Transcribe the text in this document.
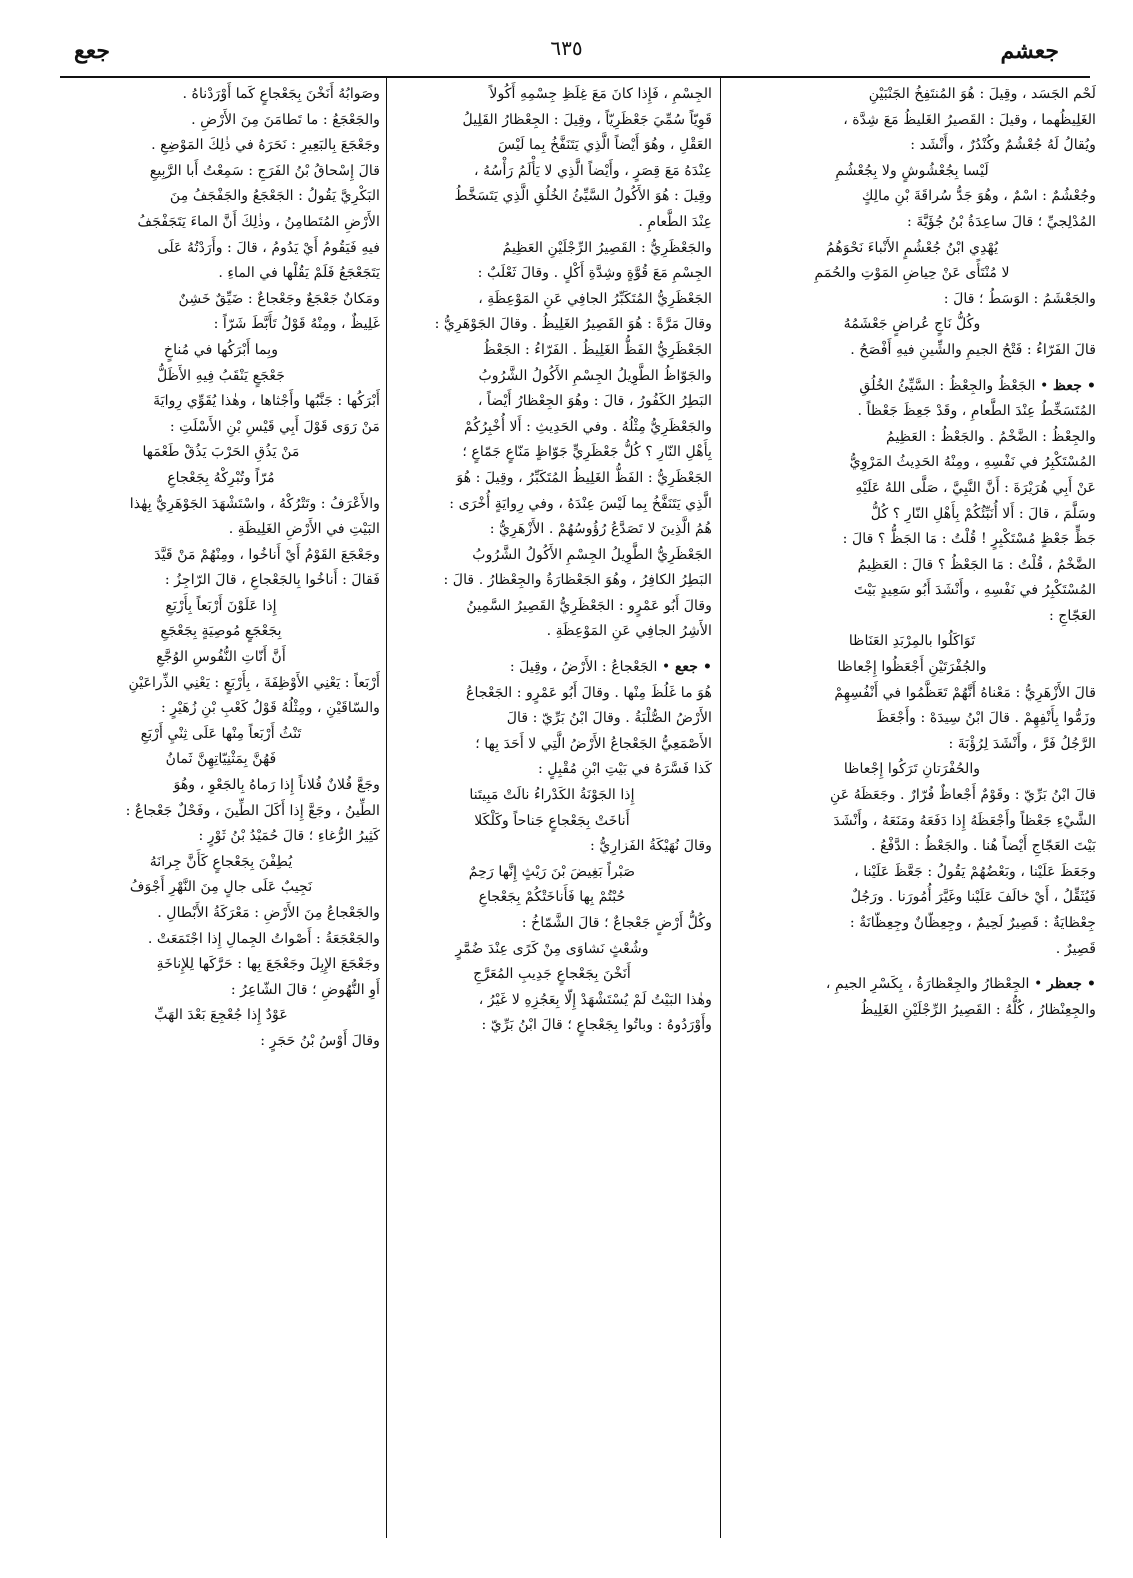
جعشم
٦٣٥
جعع

لَحْم الجَسَد ، وقِيلَ : هُوَ المُنتَفِخُ الجَنْبَيْنِ

الغَلِيظُهما ، وقيلَ : القَصيرُ الغَليظُ مَعَ شِدَّة ،

ويُقالُ لَهُ جُعْشُمٌ وكُنْدُرٌ ، وأَنْشَد :

لَيْسا بِجُعْشُوشٍ ولا بِجُعْشُمِ

وجُعْشُمٌ : اسْمٌ ، وهُوَ جَدُّ سُراقَةَ بْنِ مالِكٍ

المُدْلِجيِّ ؛ قالَ ساعِدَةُ بْنُ جُؤَيَّةَ :

يُهْدِي ابْنُ جُعْشُمٍ الأَنْباءَ نَحْوَهُمُ

لا مُنْتَأًى عَنْ حِياضِ المَوْتِ والحُمَمِ

والجَعْشَمُ : الوَسَطُ ؛ قالَ :

وكُلُّ نَاجٍ عُراضٍ جَعْشَمُهُ

قالَ الفَرّاءُ : فَتْحُ الجيمِ والشِّينِ فيهِ أَفْصَحُ .

• جعظ • الجَعْظُ والجِعْظُ : السَّيِّئُ الخُلُقِ

المُتَسَخِّطُ عِنْدَ الطَّعامِ ، وقَدْ جَعِظَ جَعْظاً .

والجِعْظُ : الضَّخْمُ . والجَعْظُ : العَظِيمُ

المُسْتَكْبِرُ في نَفْسِهِ ، ومِنْهُ الحَدِيثُ المَرْوِيُّ

عَنْ أَبِي هُرَيْرَةَ : أَنَّ النَّبِيَّ ، صَلَّى اللهُ عَلَيْهِ

وسَلَّمَ ، قالَ : أَلا أُنَبِّئُكُمْ بِأَهْلِ النّارِ ؟ كُلُّ

جَظٍّ جَعْظٍ مُسْتَكْبِرٍ ! قُلْتُ : مَا الجَظُّ ؟ قالَ :

الضَّخْمُ ، قُلْتُ : مَا الجَعْظُ ؟ قالَ : العَظِيمُ

المُسْتَكْبِرُ في نَفْسِهِ ، وأَنْشَدَ أَبُو سَعِيدٍ بَيْتَ

العَجّاجِ :

تَوَاكَلُوا بالمِرْبَدِ العَنَاظا

والجُفْرَتَيْنِ أَجْعَظُوا إِجْعاظا

قالَ الأَزْهَرِيُّ : مَعْناهُ أَنَّهُمْ تَعَظَّمُوا في أَنْفُسِهِمْ

وزَمُّوا بِأَنْفِهِمْ . قالَ ابْنُ سِيدَهْ : وأَجْعَظَ

الرَّجُلُ فَرَّ ، وأَنْشَدَ لِرُؤْبَةَ :

والحُفْرَتانِ تَرَكُوا إِجْعاظا

قالَ ابْنُ بَرِّيّ : وقَوْمٌ أَجْعاظٌ فُرّارٌ . وجَعَظَهُ عَنِ

الشَّيْءِ جَعْظاً وأَجْعَظَهُ إِذا دَفَعَهُ ومَنَعَهُ ، وأَنْشَدَ

بَيْتَ العَجّاجِ أَيْضاً هُنا . والجَعْظُ : الدَّفْعُ .

وجَعَظَ عَلَيْنا ، وبَعْضُهُمْ يَقُولُ : جَعَّظَ عَلَيْنا ،

فَيُثَقِّلُ ، أَيْ خالَفَ عَلَيْنا وغَيَّرَ أُمُورَنا . ورَجُلٌ

جِعْظايَةٌ : قَصِيرٌ لَحِيمٌ ، وجِعِظّانٌ وجِعِظّانَةٌ :

قَصِيرٌ .

• جعظر • الجِعْظارُ والجِعْظارَةُ ، بِكَسْرِ الجيمِ ،

والجِعِنْظارُ ، كُلُّهُ : القَصِيرُ الرِّجْلَيْنِ الغَلِيظُ

الجِسْمِ ، فَإِذا كانَ مَعَ غِلَظِ جِسْمِهِ أَكُولاً

قَوِيّاً سُمِّيَ جَعْظَرِيّاً ، وقِيلَ : الجِعْظارُ القَلِيلُ

العَقْلِ ، وهُوَ أَيْضاً الَّذِي يَتَنَفَّخُ بِما لَيْسَ

عِنْدَهُ مَعَ قِصَرٍ ، وأَيْضاً الَّذِي لا يَأْلَمُ رَأْسُهُ ،

وقِيلَ : هُوَ الأَكُولُ السَّيِّئُ الخُلُقِ الَّذِي يَتَسَخَّطُ

عِنْدَ الطَّعامِ .

والجَعْظَرِيُّ : القَصِيرُ الرِّجْلَيْنِ العَظِيمُ

الجِسْمِ مَعَ قُوَّةٍ وشِدَّةِ أَكْلٍ . وقالَ ثَعْلَبٌ :

الجَعْظَرِيُّ المُتَكَبِّرُ الجافِي عَنِ المَوْعِظَةِ ،

وقالَ مَرَّةً : هُوَ القَصِيرُ الغَلِيظُ . وقالَ الجَوْهَرِيُّ :

الجَعْظَرِيُّ الفَظُّ الغَلِيظُ . الفَرّاءُ : الجَعْظُ

والجَوّاظُ الطَّوِيلُ الجِسْمِ الأَكُولُ الشَّرُوبُ

البَطِرُ الكَفُورُ ، قالَ : وهُوَ الجِعْظارُ أَيْضاً ،

والجَعْظَرِيُّ مِثْلُهُ . وفي الحَدِيثِ : أَلا أُخْبِرُكُمْ

بِأَهْلِ النّارِ ؟ كُلُّ جَعْظَرِيٍّ جَوّاظٍ مَنّاعٍ جَمّاعٍ ؛

الجَعْظَرِيُّ : الفَظُّ الغَلِيظُ المُتَكَبِّرُ ، وقِيلَ : هُوَ

الَّذِي يَتَنَفَّخُ بِما لَيْسَ عِنْدَهُ ، وفي رِوايَةٍ أُخْرَى :

هُمُ الَّذِينَ لا تَصَدَّعُ رُؤُوسُهُمْ . الأَزْهَرِيُّ :

الجَعْظَرِيُّ الطَّوِيلُ الجِسْمِ الأَكُولُ الشَّرُوبُ

البَطِرُ الكافِرُ ، وهُوَ الجَعْظارَةُ والجِعْظارُ . قالَ :

وقالَ أَبُو عَمْرٍو : الجَعْظَرِيُّ القَصِيرُ السَّمِينُ

الأَشِرُ الجافِي عَنِ المَوْعِظَةِ .

• جعع • الجَعْجاعُ : الأَرْضُ ، وقِيلَ :

هُوَ ما غَلُظَ مِنْها . وقالَ أَبُو عَمْرٍو : الجَعْجاعُ

الأَرْضُ الصُّلْبَةُ . وقالَ ابْنُ بَرِّيّ : قالَ

الأَصْمَعِيُّ الجَعْجاعُ الأَرْضُ الَّتِي لا أَحَدَ بِها ؛

كَذا فَسَّرَهُ في بَيْتِ ابْنِ مُقْبِلٍ :

إِذا الجَوْنَةُ الكَدْراءُ نالَتْ مَبِيتَنا

أَناخَتْ بِجَعْجاعٍ جَناحاً وكَلْكَلا

وقالَ نُهَيْكَةُ الفَزارِيُّ :

صَبْراً بَغِيضَ بْنَ رَيْثٍ إِنَّها رَحِمٌ

حُبْتُمْ بِها فَأَناخَتْكُمْ بِجَعْجاعِ

وكُلُّ أَرْضٍ جَعْجاعٌ ؛ قالَ الشَّمّاخُ :

وشُعْثٍ نَشاوَى مِنْ كَرًى عِنْدَ ضُمَّرٍ

أَنَخْنَ بِجَعْجاعٍ جَدِيبِ المُعَرَّجِ

وهٰذا البَيْتُ لَمْ يُسْتَشْهَدْ إِلّا بِعَجُزِهِ لا غَيْرُ ،

وأَوْرَدُوهُ : وباتُوا بِجَعْجاعٍ ؛ قالَ ابْنُ بَرِّيّ :

وصَوابُهُ أَنَخْنَ بِجَعْجاعٍ كَما أَوْرَدْناهُ .

والجَعْجَعُ : ما تَطامَنَ مِنَ الأَرْضِ .

وجَعْجَعَ بِالبَعِيرِ : نَحَرَهُ في ذٰلِكَ المَوْضِعِ .

قالَ إِسْحاقُ بْنُ الفَرَجِ : سَمِعْتُ أَبا الرَّبِيعِ

البَكْرِيَّ يَقُولُ : الجَعْجَعُ والجَفْجَفُ مِنَ

الأَرْضِ المُتَطامِنُ ، وذٰلِكَ أَنَّ الماءَ يَتَجَفْجَفُ

فيهِ فَيَقُومُ أَيْ يَدُومُ ، قالَ : وأَرَدْتُهُ عَلَى

يَتَجَعْجَعُ فَلَمْ يَقُلْها في الماءِ .

ومَكانٌ جَعْجَعٌ وجَعْجاعٌ : ضَيِّقٌ خَشِنٌ

غَلِيظٌ ، ومِنْهُ قَوْلُ تَأَبَّطَ شَرّاً :

وبِما أَبْرَكُها في مُناخٍ

جَعْجَعٍ يَنْقَبُ فِيهِ الأَظَلُّ

أَبْرَكُها : جَنَّبُها وأَجْثاها ، وهٰذا يُقَوِّي رِوايَةَ

مَنْ رَوَى قَوْلَ أَبِي قَيْسِ بْنِ الأَسْلَتِ :

مَنْ يَذُقِ الحَرْبَ يَذُقْ طَعْمَها

مُرّاً وتُبْرِكْهُ بِجَعْجاعِ

والأَعْرَفُ : وتَتْرُكْهُ ، واسْتَشْهَدَ الجَوْهَرِيُّ بِهٰذا

البَيْتِ في الأَرْضِ الغَلِيظَةِ .

وجَعْجَعَ القَوْمُ أَيْ أَناخُوا ، ومِنْهُمْ مَنْ قَيَّدَ

فَقالَ : أَناخُوا بِالجَعْجاعِ ، قالَ الرّاجِزُ :

إِذا عَلَوْنَ أَرْبَعاً بِأَرْبَعِ

بِجَعْجَعٍ مُوصِيَةٍ بِجَعْجَعِ

أَنَّ أَنّاتِ النُّفُوسِ الوُجَّعِ

أَرْبَعاً : يَعْنِي الأَوْظِفَةَ ، بِأَرْبَعٍ : يَعْنِي الذِّراعَيْنِ

والسّاقَيْنِ ، ومِثْلُهُ قَوْلُ كَعْبِ بْنِ زُهَيْرٍ :

تَنْثُ أَرْبَعاً مِنْها عَلَى ثِنْيِ أَرْبَعِ

فَهُنَّ بِمَثْنِيّاتِهِنَّ ثَمانُ

وجَعَّ فُلانٌ فُلاناً إِذا رَماهُ بِالجَعْوِ ، وهُوَ

الطِّينُ ، وجَعَّ إِذا أَكَلَ الطِّينَ ، وفَحْلٌ جَعْجاعٌ :

كَثِيرُ الرُّغاءِ ؛ قالَ حُمَيْدُ بْنُ ثَوْرٍ :

يُطِفْنَ بِجَعْجاعٍ كَأَنَّ جِرانَهُ

نَجِيبٌ عَلَى جالٍ مِنَ النَّهْرِ أَجْوَفُ

والجَعْجاعُ مِنَ الأَرْضِ : مَعْرَكَةُ الأَبْطالِ .

والجَعْجَعَةُ : أَصْواتُ الجِمالِ إِذا اجْتَمَعَتْ .

وجَعْجَعَ الإِبِلَ وجَعْجَعَ بِها : حَرَّكَها لِلإِناخَةِ

أَوِ النُّهُوضِ ؛ قالَ الشّاعِرُ :

عَوْدٌ إِذا جُعْجِعَ بَعْدَ الهَبِّ

وقالَ أَوْسُ بْنُ حَجَرٍ :
